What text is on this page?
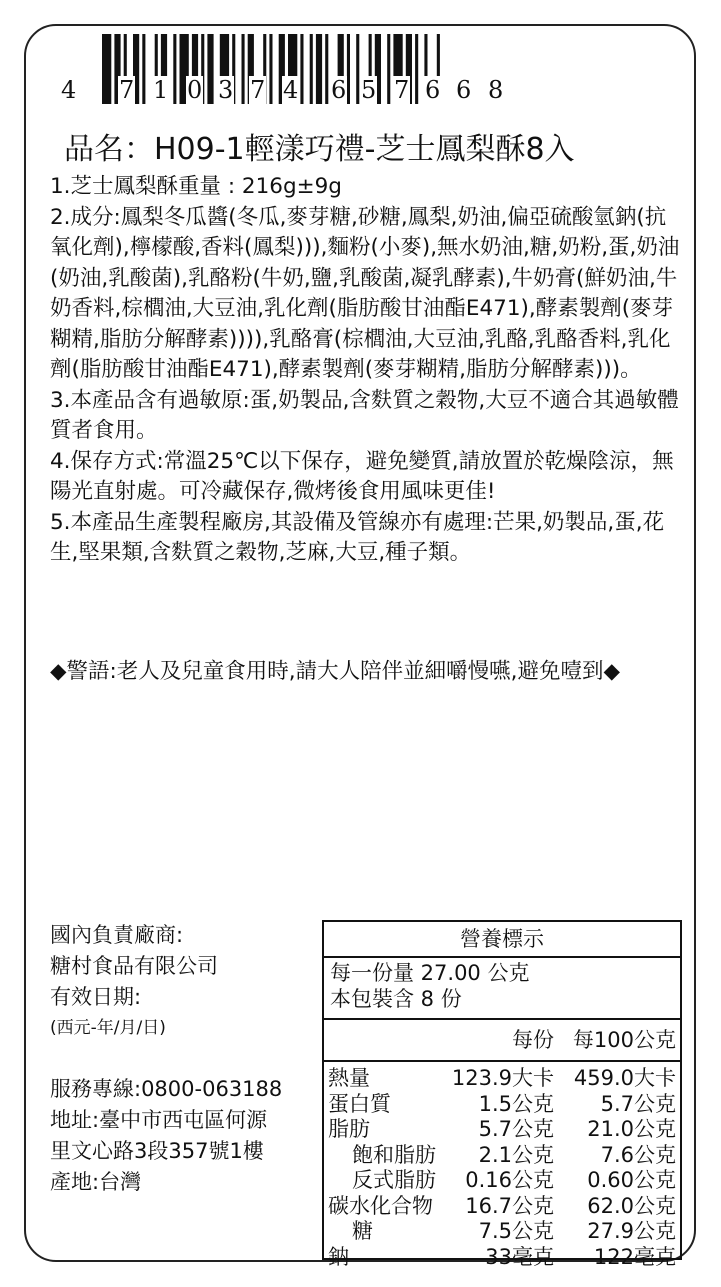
4 7 1 0 3 7 4 6 5 7 6 6 8
品名：H09-1輕漾巧禮-芝士鳳梨酥8入

1.芝士鳳梨酥重量 : 216g±9g

2.成分:鳳梨冬瓜醬(冬瓜,麥芽糖,砂糖,鳳梨,奶油,偏亞硫酸氫鈉(抗氧化劑),檸檬酸,香料(鳳梨))),麵粉(小麥),無水奶油,糖,奶粉,蛋,奶油(奶油,乳酸菌),乳酪粉(牛奶,鹽,乳酸菌,凝乳酵素),牛奶膏(鮮奶油,牛奶香料,棕櫚油,大豆油,乳化劑(脂肪酸甘油酯E471),酵素製劑(麥芽糊精,脂肪分解酵素)))),乳酪膏(棕櫚油,大豆油,乳酪,乳酪香料,乳化劑(脂肪酸甘油酯E471),酵素製劑(麥芽糊精,脂肪分解酵素)))。

3.本產品含有過敏原:蛋,奶製品,含麩質之穀物,大豆不適合其過敏體質者食用。

4.保存方式:常溫25℃以下保存，避免變質,請放置於乾燥陰涼，無陽光直射處。可冷藏保存,微烤後食用風味更佳!

5.本產品生產製程廠房,其設備及管線亦有處理:芒果,奶製品,蛋,花生,堅果類,含麩質之穀物,芝麻,大豆,種子類。

◆警語:老人及兒童食用時,請大人陪伴並細嚼慢嚥,避免噎到◆

國內負責廠商:
糖村食品有限公司
有效日期:
(西元-年/月/日)
服務專線:0800-063188
地址:臺中市西屯區何源
里文心路3段357號1樓
產地:台灣
營養標示
每一份量 27.00 公克
本包裝含 8 份
每份 每100公克
熱量	123.9大卡 459.0大卡
蛋白質	1.5公克 5.7公克
脂肪	5.7公克 21.0公克
飽和脂肪 2.1公克 7.6公克
反式脂肪 0.16公克 0.60公克
碳水化合物 16.7公克 62.0公克
糖	7.5公克 27.9公克
鈉	33毫克 122毫克
